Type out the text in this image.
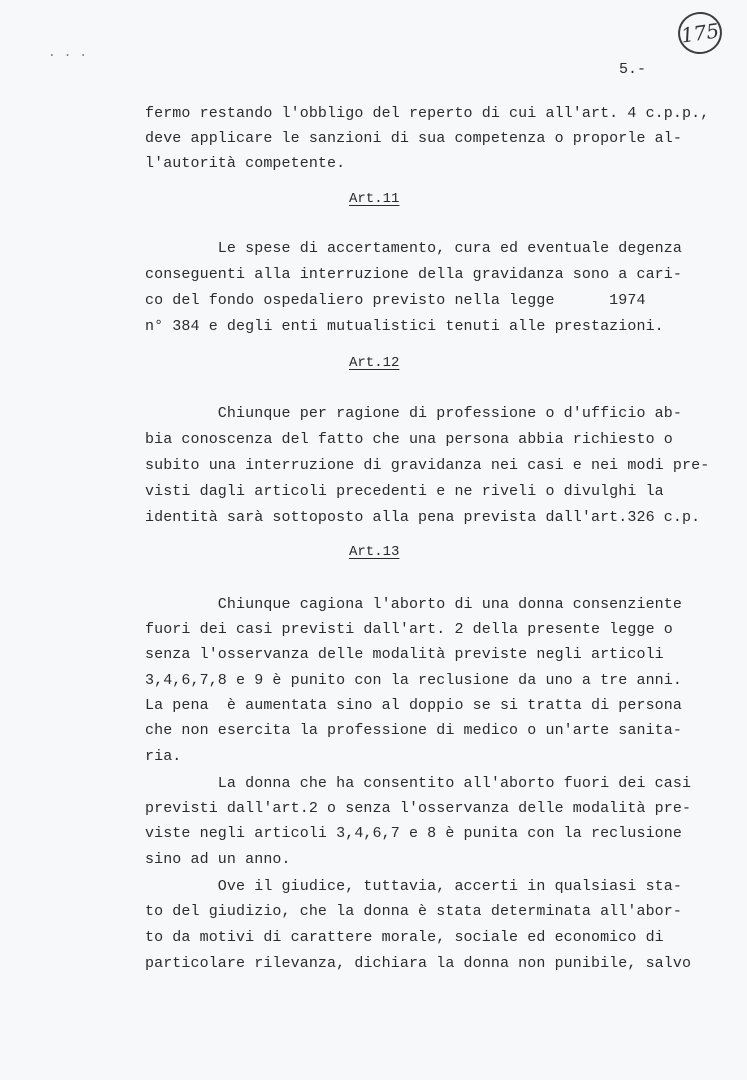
. . .
175
5.-
fermo restando l'obbligo del reperto di cui all'art. 4 c.p.p.,
deve applicare le sanzioni di sua competenza o proporle al-
l'autorità competente.
Art.11
Le spese di accertamento, cura ed eventuale degenza
conseguenti alla interruzione della gravidanza sono a cari-
co del fondo ospedaliero previsto nella legge      1974
n° 384 e degli enti mutualistici tenuti alle prestazioni.
Art.12
Chiunque per ragione di professione o d'ufficio ab-
bia conoscenza del fatto che una persona abbia richiesto o
subito una interruzione di gravidanza nei casi e nei modi pre-
visti dagli articoli precedenti e ne riveli o divulghi la
identità sarà sottoposto alla pena prevista dall'art.326 c.p.
Art.13
Chiunque cagiona l'aborto di una donna consenziente
fuori dei casi previsti dall'art. 2 della presente legge o
senza l'osservanza delle modalità previste negli articoli
3,4,6,7,8 e 9 è punito con la reclusione da uno a tre anni.
La pena  è aumentata sino al doppio se si tratta di persona
che non esercita la professione di medico o un'arte sanita-
ria.
La donna che ha consentito all'aborto fuori dei casi
previsti dall'art.2 o senza l'osservanza delle modalità pre-
viste negli articoli 3,4,6,7 e 8 è punita con la reclusione
sino ad un anno.
Ove il giudice, tuttavia, accerti in qualsiasi sta-
to del giudizio, che la donna è stata determinata all'abor-
to da motivi di carattere morale, sociale ed economico di
particolare rilevanza, dichiara la donna non punibile, salvo
